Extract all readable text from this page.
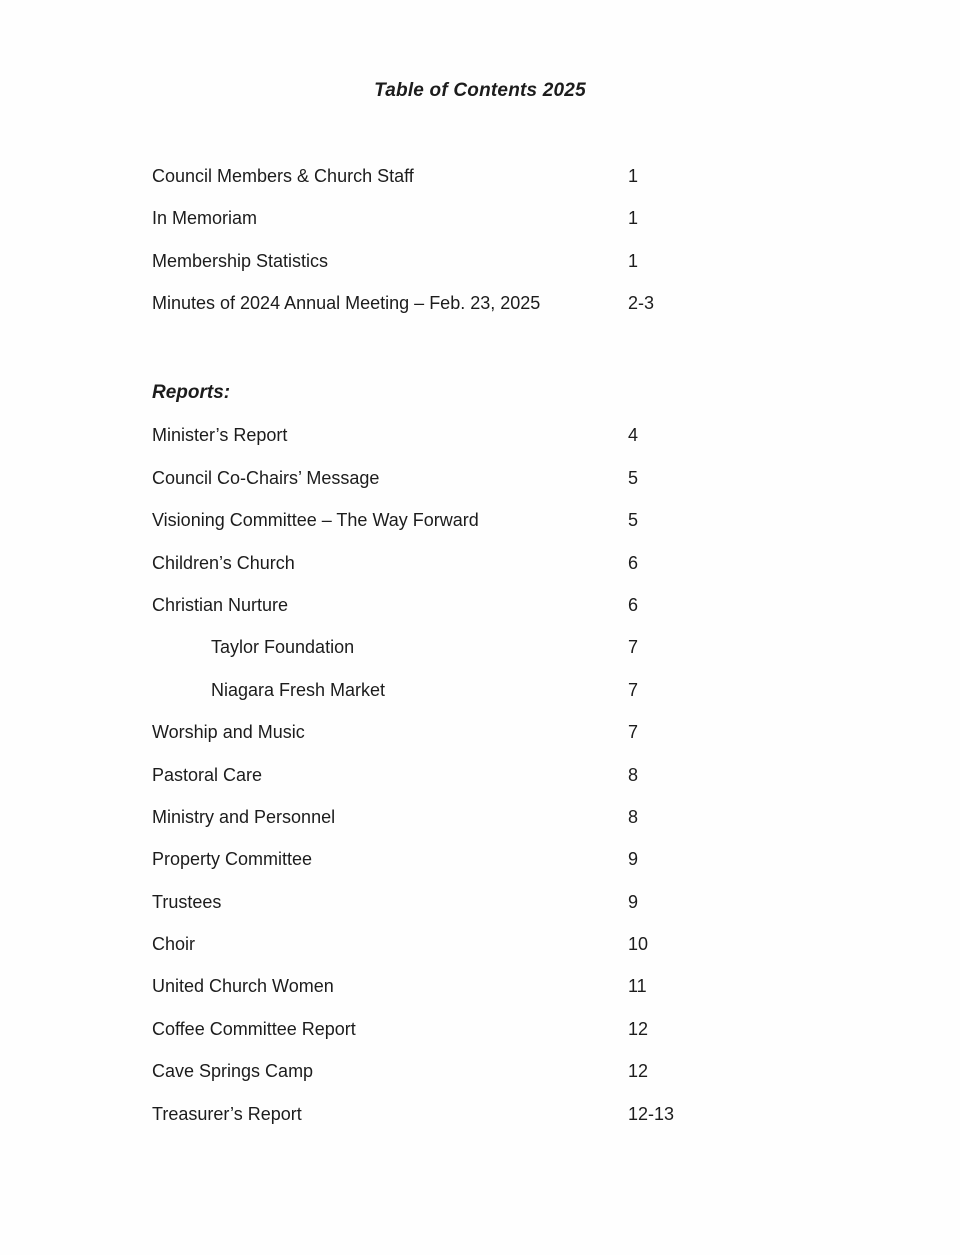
Table of Contents 2025
Council Members & Church Staff	1
In Memoriam	1
Membership Statistics	1
Minutes of 2024 Annual Meeting – Feb. 23, 2025	2-3
Reports:
Minister’s Report	4
Council Co-Chairs’ Message	5
Visioning Committee – The Way Forward	5
Children’s Church	6
Christian Nurture	6
Taylor Foundation	7
Niagara Fresh Market	7
Worship and Music	7
Pastoral Care	8
Ministry and Personnel	8
Property Committee	9
Trustees	9
Choir	10
United Church Women	11
Coffee Committee Report	12
Cave Springs Camp	12
Treasurer’s Report	12-13
